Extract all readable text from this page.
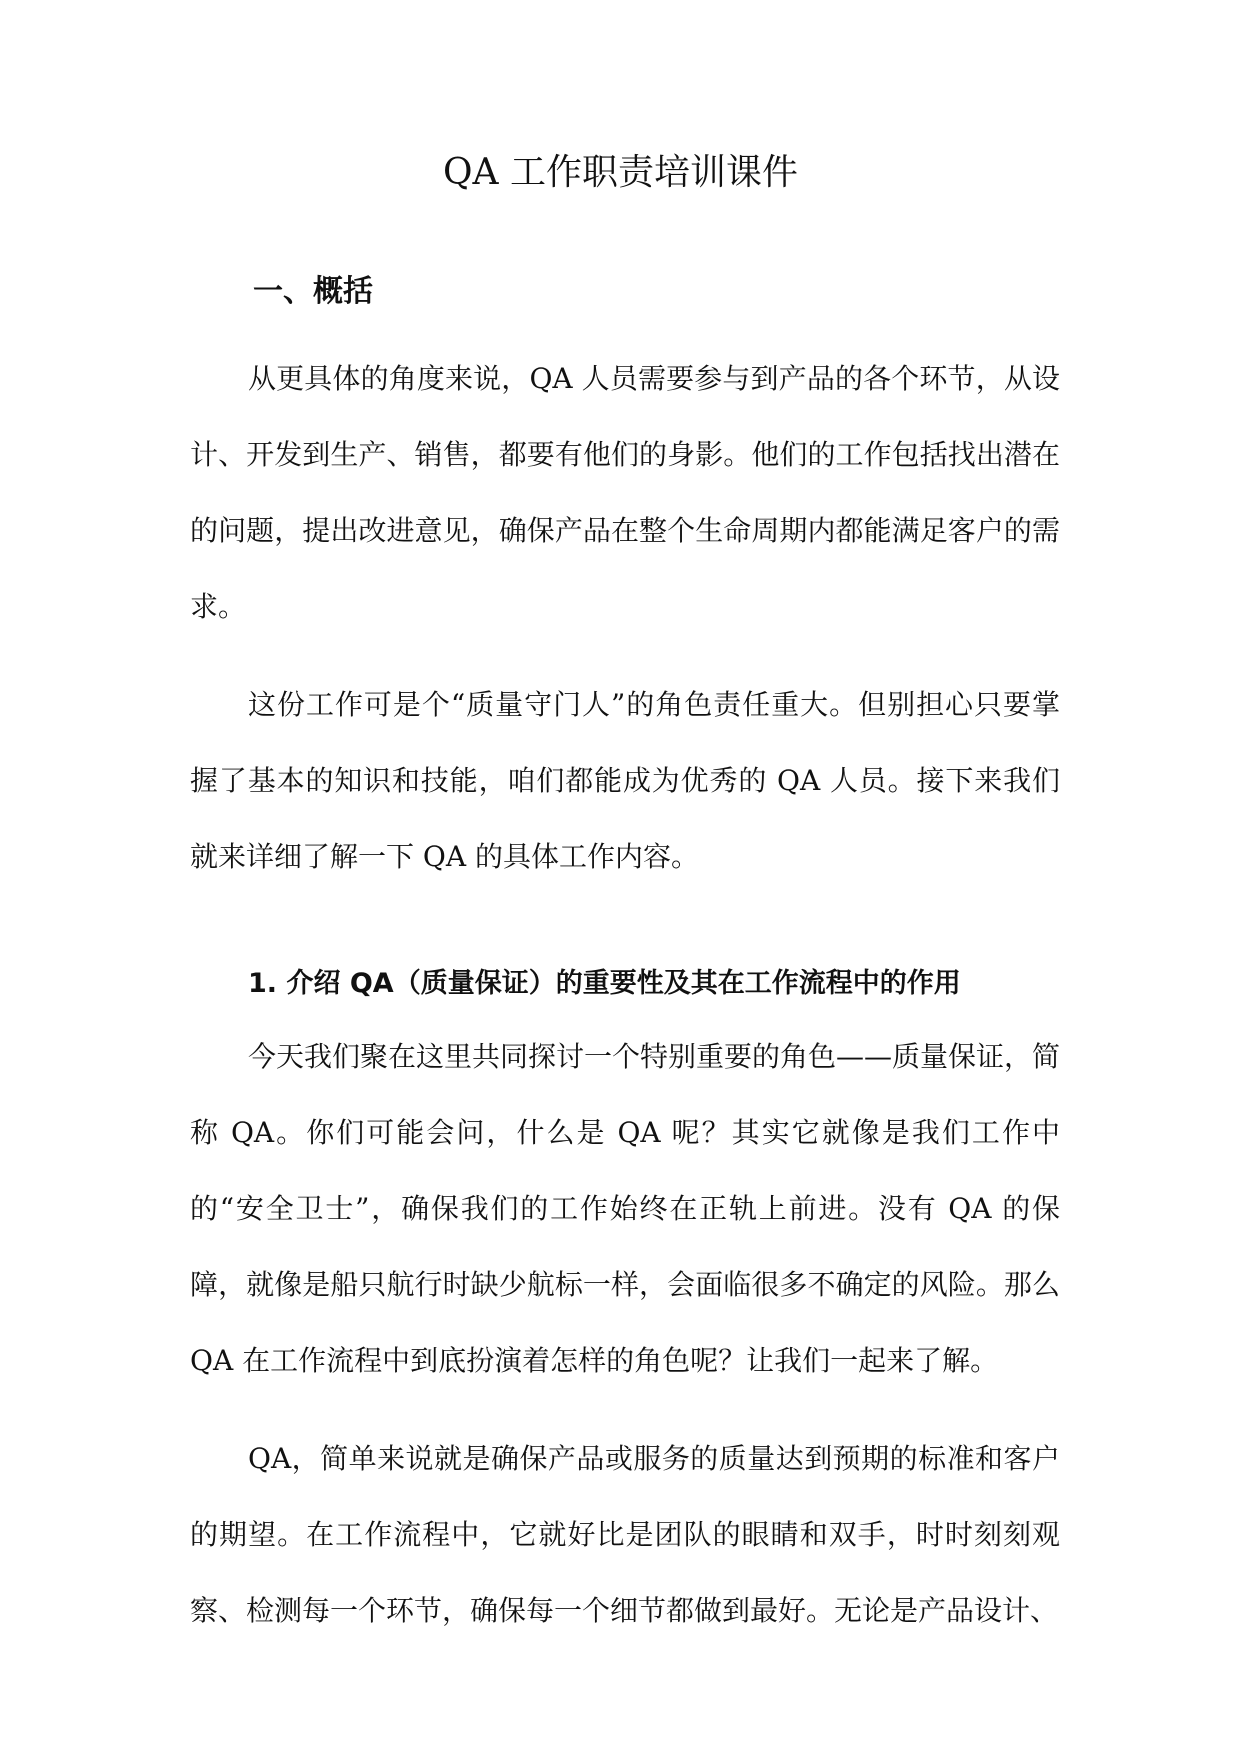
QA 工作职责培训课件
一、概括

从更具体的角度来说，QA 人员需要参与到产品的各个环节，从设计、开发到生产、销售，都要有他们的身影。他们的工作包括找出潜在的问题，提出改进意见，确保产品在整个生命周期内都能满足客户的需求。

这份工作可是个“质量守门人”的角色责任重大。但别担心只要掌握了基本的知识和技能，咱们都能成为优秀的 QA 人员。接下来我们就来详细了解一下 QA 的具体工作内容。

1. 介绍 QA（质量保证）的重要性及其在工作流程中的作用

今天我们聚在这里共同探讨一个特别重要的角色——质量保证，简称 QA。你们可能会问，什么是 QA 呢？其实它就像是我们工作中的“安全卫士”，确保我们的工作始终在正轨上前进。没有 QA 的保障，就像是船只航行时缺少航标一样，会面临很多不确定的风险。那么 QA 在工作流程中到底扮演着怎样的角色呢？让我们一起来了解。

QA，简单来说就是确保产品或服务的质量达到预期的标准和客户的期望。在工作流程中，它就好比是团队的眼睛和双手，时时刻刻观察、检测每一个环节，确保每一个细节都做到最好。无论是产品设计、
